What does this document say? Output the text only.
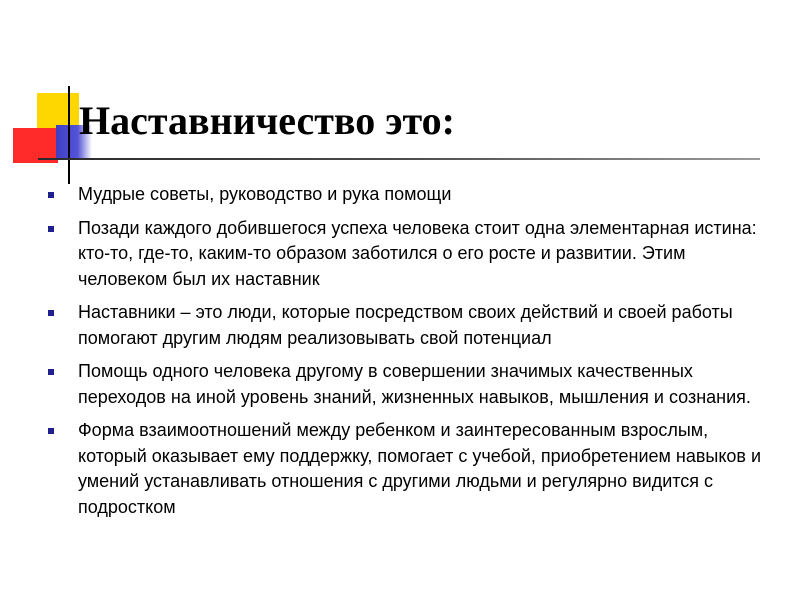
Наставничество это:
Мудрые советы, руководство и рука помощи
Позади каждого добившегося успеха человека стоит одна элементарная истина: кто-то, где-то, каким-то образом заботился о его росте и развитии. Этим человеком был их наставник
Наставники – это люди, которые посредством своих действий и своей работы помогают другим людям реализовывать свой потенциал
Помощь одного человека другому в совершении значимых качественных переходов на иной уровень знаний, жизненных навыков, мышления и сознания.
Форма взаимоотношений между ребенком и заинтересованным взрослым, который оказывает ему поддержку, помогает с учебой, приобретением навыков и умений устанавливать отношения с другими людьми и регулярно видится с подростком
